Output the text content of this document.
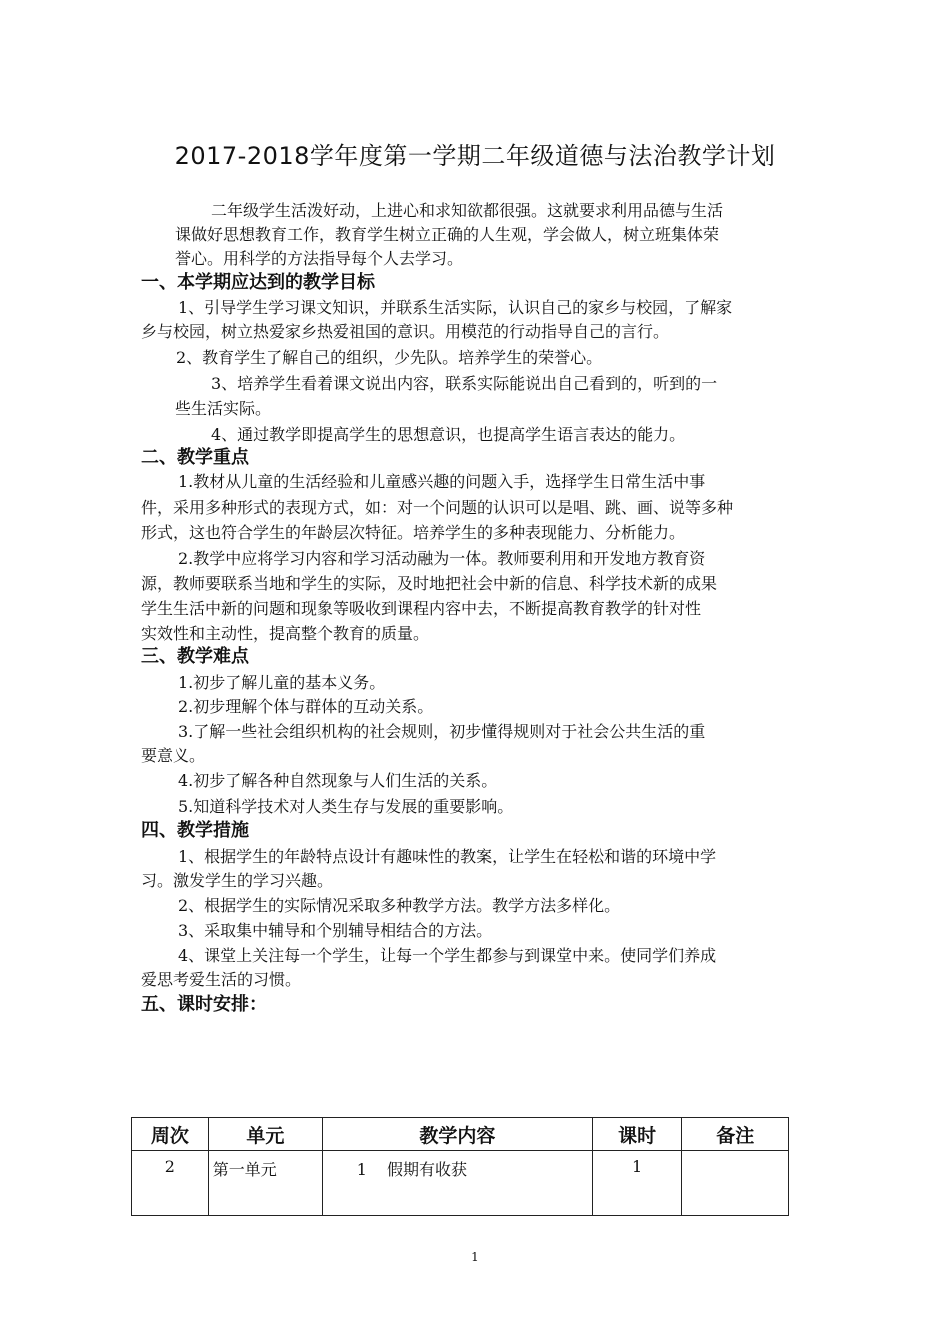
2017-2018学年度第一学期二年级道德与法治教学计划
二年级学生活泼好动，上进心和求知欲都很强。这就要求利用品德与生活
课做好思想教育工作，教育学生树立正确的人生观，学会做人，树立班集体荣
誉心。用科学的方法指导每个人去学习。
一、本学期应达到的教学目标
1、引导学生学习课文知识，并联系生活实际，认识自己的家乡与校园，了解家
乡与校园，树立热爱家乡热爱祖国的意识。用模范的行动指导自己的言行。
2、教育学生了解自己的组织，少先队。培养学生的荣誉心。
3、培养学生看着课文说出内容，联系实际能说出自己看到的，听到的一
些生活实际。
4、通过教学即提高学生的思想意识，也提高学生语言表达的能力。
二、教学重点
1.教材从儿童的生活经验和儿童感兴趣的问题入手，选择学生日常生活中事
件，采用多种形式的表现方式，如：对一个问题的认识可以是唱、跳、画、说等多种
形式，这也符合学生的年龄层次特征。培养学生的多种表现能力、分析能力。
2.教学中应将学习内容和学习活动融为一体。教师要利用和开发地方教育资
源，教师要联系当地和学生的实际，及时地把社会中新的信息、科学技术新的成果
学生生活中新的问题和现象等吸收到课程内容中去，不断提高教育教学的针对性
实效性和主动性，提高整个教育的质量。
三、教学难点
1.初步了解儿童的基本义务。
2.初步理解个体与群体的互动关系。
3.了解一些社会组织机构的社会规则，初步懂得规则对于社会公共生活的重
要意义。
4.初步了解各种自然现象与人们生活的关系。
5.知道科学技术对人类生存与发展的重要影响。
四、教学措施
1、根据学生的年龄特点设计有趣味性的教案，让学生在轻松和谐的环境中学
习。激发学生的学习兴趣。
2、根据学生的实际情况采取多种教学方法。教学方法多样化。
3、采取集中辅导和个别辅导相结合的方法。
4、课堂上关注每一个学生，让每一个学生都参与到课堂中来。使同学们养成
爱思考爱生活的习惯。
五、课时安排：
周次	单元	教学内容	课时	备注
2	第一单元	1 假期有收获	1	
1
